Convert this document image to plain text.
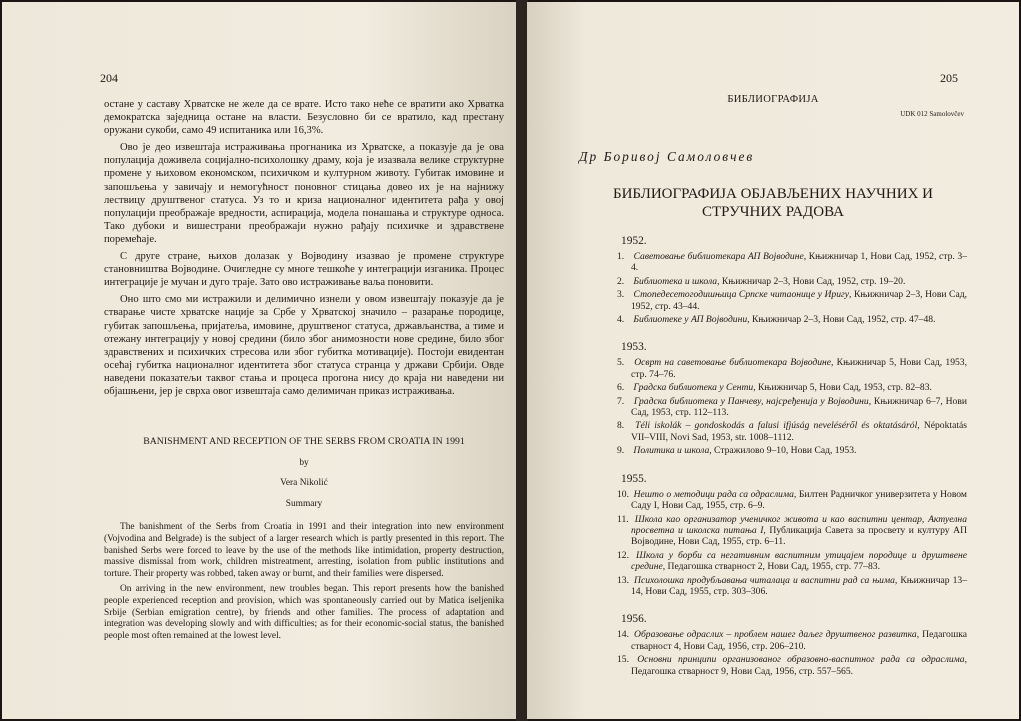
204

остане у саставу Хрватске не желе да се врате. Исто тако неће се вратити ако Хрватка демократска заједница остане на власти. Безусловно би се вратило, кад престану оружани сукоби, само 49 испитаника или 16,3%.

Ово је део извештаја истраживања прогнаника из Хрватске, а показује да је ова популација доживела социјално-психолошку драму, која је изазвала велике структурне промене у њиховом економском, психичком и културном животу. Губитак имовине и запошљења у завичају и немогућност поновног стицања довео их је на најнижу лествицу друштвеног статуса. Уз то и криза националног идентитета рађа у овој популацији преображаје вредности, аспирација, модела понашања и структуре односа. Тако дубоки и вишестрани преображаји нужно рађају психичке и здравствене поремећаје.

С друге стране, њихов долазак у Војводину изазвао је промене структуре становништва Војводине. Очигледне су многе тешкоће у интеграцији изганика. Процес интеграције је мучан и дуго траје. Зато ово истраживање ваља поновити.

Оно што смо ми истражили и делимично изнели у овом извештају показује да је стварање чисте хрватске нације за Србе у Хрватској значило – разарање породице, губитак запошљења, пријатеља, имовине, друштвеног статуса, држављанства, а тиме и отежану интеграцију у новој средини (било због анимозности нове средине, било због здравствених и психичких стресова или због губитка мотивације). Постоји евидентан осећај губитка националног идентитета због статуса странца у држави Србији. Овде наведени показатељи таквог стања и процеса прогона нису до краја ни наведени ни објашњени, јер је сврха овог извештаја само делимичан приказ истраживања.

BANISHMENT AND RECEPTION OF THE SERBS FROM CROATIA IN 1991
by
Vera Nikolić
Summary

The banishment of the Serbs from Croatia in 1991 and their integration into new environment (Vojvodina and Belgrade) is the subject of a larger research which is partly presented in this report. The banished Serbs were forced to leave by the use of the methods like intimidation, property destruction, massive dismissal from work, children mistreatment, arresting, isolation from public institutions and torture. Their property was robbed, taken away or burnt, and their families were dispersed.

On arriving in the new environment, new troubles began. This report presents how the banished people experienced reception and provision, which was spontaneously carried out by Matica iseljenika Srbije (Serbian emigration centre), by friends and other families. The process of adaptation and integration was developing slowly and with difficulties; as for their economic-social status, the banished people most often remained at the lowest level.

205
БИБЛИОГРАФИЈА
UDK 012 Samolovčev
Др Боривој Самоловчев
БИБЛИОГРАФИЈА ОБЈАВЉЕНИХ НАУЧНИХ И
СТРУЧНИХ РАДОВА
1952.
1. Саветовање библиотекара АП Војводине, Књижничар 1, Нови Сад, 1952, стр. 3–4.
2. Библиотека и школа, Књижничар 2–3, Нови Сад, 1952, стр. 19–20.
3. Стопедесетогодишњица Српске читаонице у Иригу, Књижничар 2–3, Нови Сад, 1952, стр. 43–44.
4. Библиотеке у АП Војводини, Књижничар 2–3, Нови Сад, 1952, стр. 47–48.
1953.
5. Осврт на саветовање библиотекара Војводине, Књижничар 5, Нови Сад, 1953, стр. 74–76.
6. Градска библиотека у Сенти, Књижничар 5, Нови Сад, 1953, стр. 82–83.
7. Градска библиотека у Панчеву, најсређенија у Војводини, Књижничар 6–7, Нови Сад, 1953, стр. 112–113.
8. Téli iskolák – gondoskodás a falusi ifjúság neveléséről és oktatásáról, Népoktatás VII–VIII, Novi Sad, 1953, str. 1008–1112.
9. Политика и школа, Стражилово 9–10, Нови Сад, 1953.
1955.
10. Нешто о методици рада са одраслима, Билтен Радничког универзитета у Новом Саду I, Нови Сад, 1955, стр. 6–9.
11. Школа као организатор ученичког живота и као васпитни центар, Актуелна просветна и школска питања I, Публикација Савета за просвету и културу АП Војводине, Нови Сад, 1955, стр. 6–11.
12. Школа у борби са негативним васпитним утицајем породице и друштвене средине, Педагошка стварност 2, Нови Сад, 1955, стр. 77–83.
13. Психолошка продубљавања читалаца и васпитни рад са њима, Књижничар 13–14, Нови Сад, 1955, стр. 303–306.
1956.
14. Образовање одраслих – проблем нашег даљег друштвеног развитка, Педагошка стварност 4, Нови Сад, 1956, стр. 206–210.
15. Основни принципи организованог образовно-васпитног рада са одраслима, Педагошка стварност 9, Нови Сад, 1956, стр. 557–565.
